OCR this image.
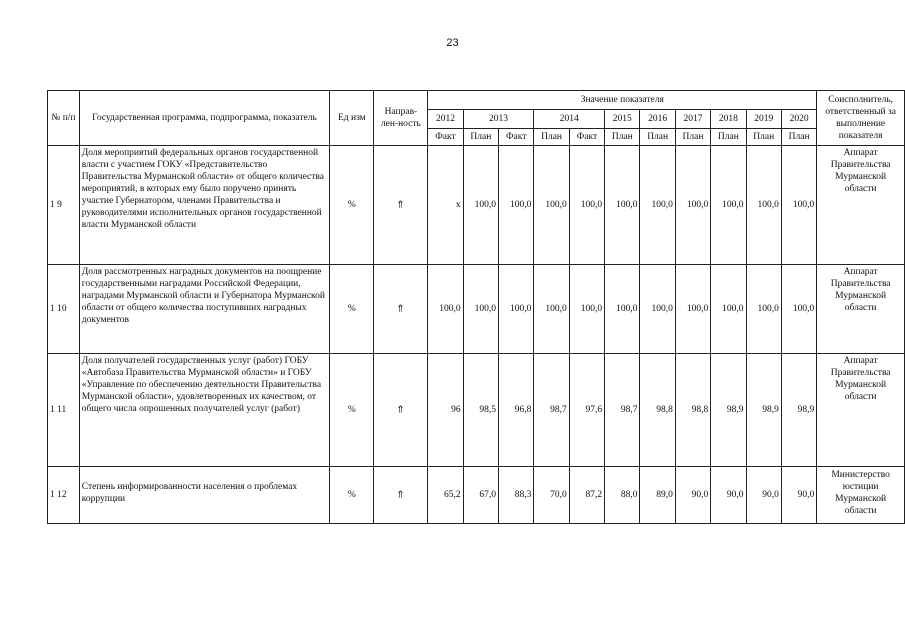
23
№ п/п	Государственная программа, подпрограмма, показатель	Ед изм	Направ-лен-ность	Значение показателя											Соисполнитель, ответственный за выполнение показателя
				2012	2013		2014		2015	2016	2017	2018	2019	2020	
				Факт	План	Факт	План	Факт	План	План	План	План	План	План	
1 9	Доля мероприятий федеральных органов государственной власти с участием ГОКУ «Представительство Правительства Мурманской области» от общего количества мероприятий, в которых ему было поручено принять участие Губернатором, членами Правительства и руководителями исполнительных органов государственной власти Мурманской области	%	⇗	x	100,0	100,0	100,0	100,0	100,0	100,0	100,0	100,0	100,0	100,0	Аппарат Правительства Мурманской области
1 10	Доля рассмотренных наградных документов на поощрение государственными наградами Российской Федерации, наградами Мурманской области и Губернатора Мурманской области от общего количества поступивших наградных документов	%	⇗	100,0	100,0	100,0	100,0	100,0	100,0	100,0	100,0	100,0	100,0	100,0	Аппарат Правительства Мурманской области
1 11	Доля получателей государственных услуг (работ) ГОБУ «Автобаза Правительства Мурманской области» и ГОБУ «Управление по обеспечению деятельности Правительства Мурманской области», удовлетворенных их качеством, от общего числа опрошенных получателей услуг (работ)	%	⇗	96	98,5	96,8	98,7	97,6	98,7	98,8	98,8	98,9	98,9	98,9	Аппарат Правительства Мурманской области
1 12	Степень информированности населения о проблемах коррупции	%	⇗	65,2	67,0	88,3	70,0	87,2	88,0	89,0	90,0	90,0	90,0	90,0	Министерство юстиции Мурманской области
